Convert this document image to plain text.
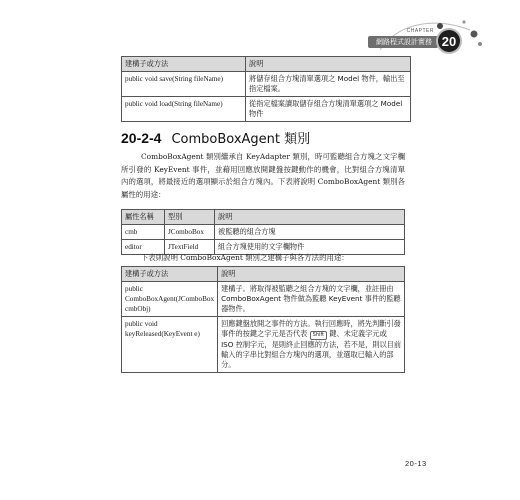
CHAPTER
網路程式設計實務 20
建構子或方法	說明
public void save(String fileName)	將儲存組合方塊清單選項之 Model 物件，輸出至指定檔案。
public void load(String fileName)	從指定檔案讀取儲存組合方塊清單選項之 Model 物件
20-2-4 ComboBoxAgent 類別

ComboBoxAgent 類別繼承自 KeyAdapter 類別，時可監聽組合方塊之文字欄所引發的 KeyEvent 事件，並藉用回應放開鍵盤按鍵動作的機會，比對組合方塊清單內的選項，將最接近的選項顯示於組合方塊內。下表將說明 ComboBoxAgent 類別各屬性的用途：

屬性名稱	型別	說明
cmb	JComboBox	被監聽的組合方塊
editor	JTextField	組合方塊使用的文字欄物件

下表則說明 ComboBoxAgent 類別之建構子與各方法的用途：

建構子或方法	說明
public ComboBoxAgent(JComboBox cmbObj)	建構子。將取得被監聽之組合方塊的文字欄，並註冊由 ComboBoxAgent 物件做為監聽 KeyEvent 事件的監聽器物件。
public void keyReleased(KeyEvent e)	回應鍵盤放開之事件的方法。執行回應時，將先判斷引發事件的按鍵之字元是否代表 Shift 鍵、未定義字元或 ISO 控制字元，是則終止回應的方法，若不是，則以目前輸入的字串比對組合方塊內的選項，並選取已輸入的部分。
20-13
